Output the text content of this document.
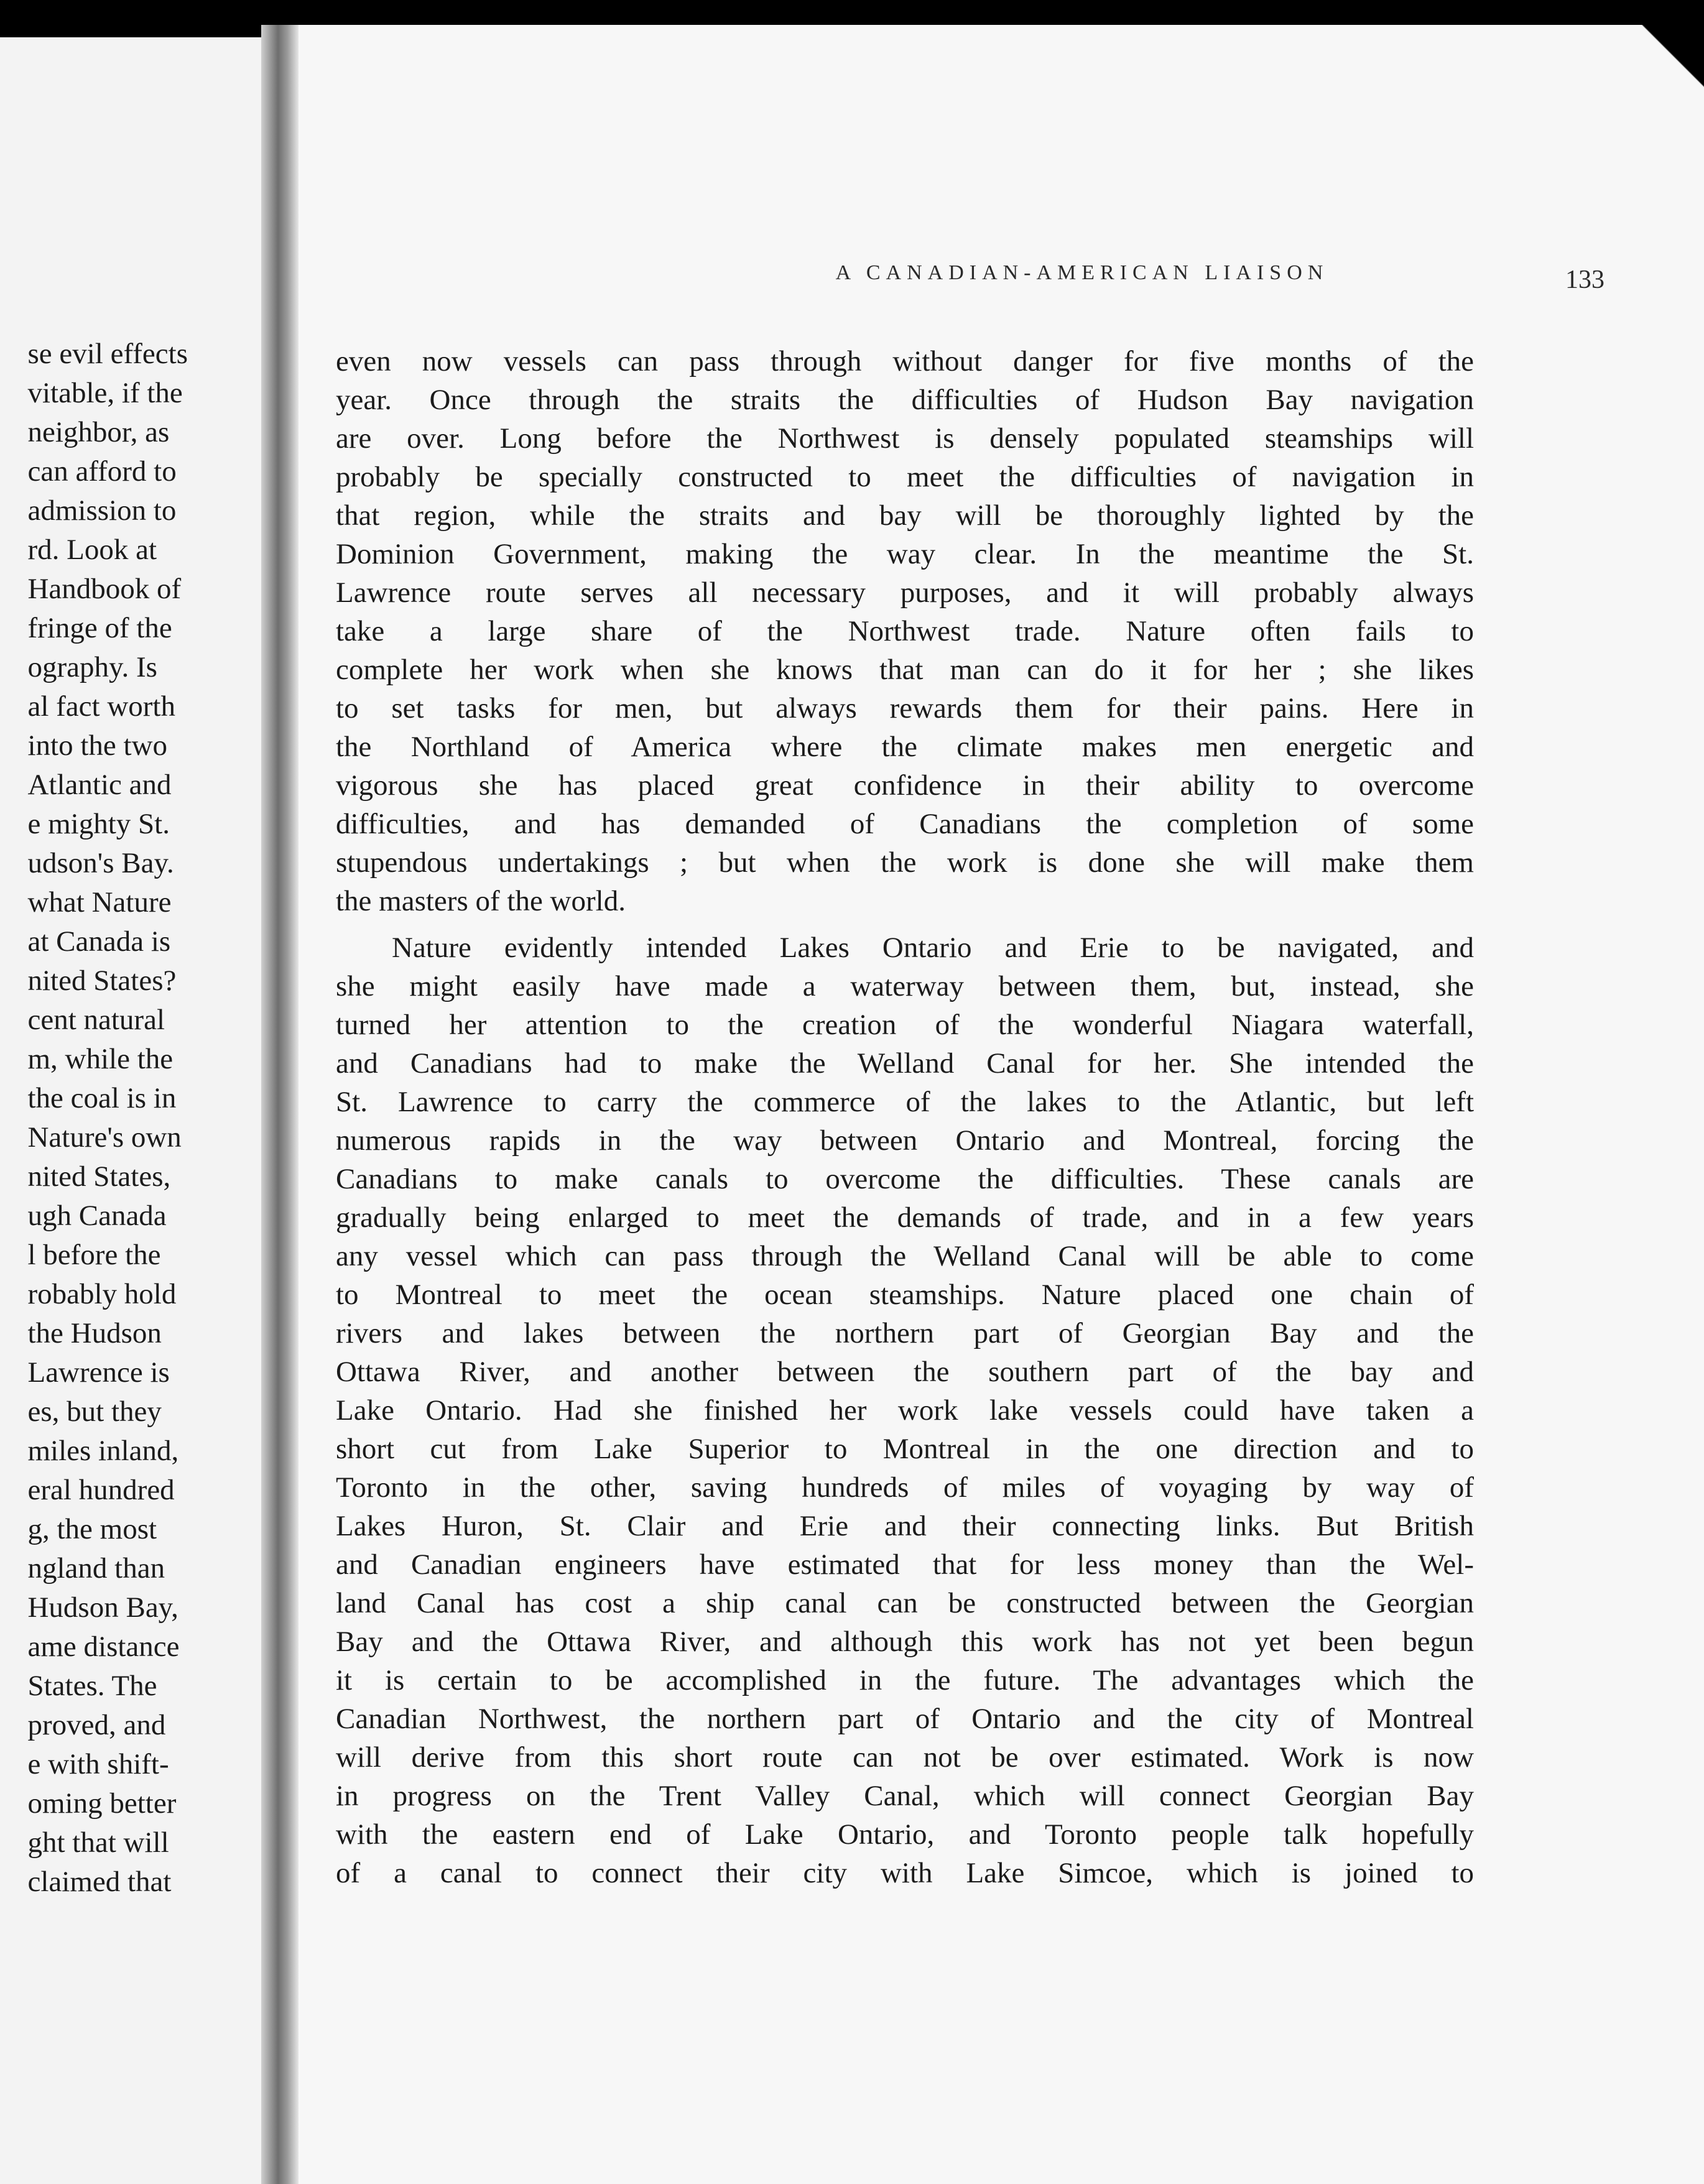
se evil effects
vitable, if the
neighbor, as
can afford to
admission to
rd. Look at
Handbook of
fringe of the
ography. Is
al fact worth
into the two
Atlantic and
e mighty St.
udson's Bay.
what Nature
at Canada is
nited States?
cent natural
m, while the
the coal is in
Nature's own
nited States,
ugh Canada
l before the
robably hold
the Hudson
Lawrence is
es, but they
miles inland,
eral hundred
g, the most
ngland than
Hudson Bay,
ame distance
States. The
proved, and
e with shift-
oming better
ght that will
claimed that
A CANADIAN-AMERICAN LIAISON	133
even now vessels can pass through without danger for five months of the
year. Once through the straits the difficulties of Hudson Bay navigation
are over. Long before the Northwest is densely populated steamships will
probably be specially constructed to meet the difficulties of navigation in
that region, while the straits and bay will be thoroughly lighted by the
Dominion Government, making the way clear. In the meantime the St.
Lawrence route serves all necessary purposes, and it will probably always
take a large share of the Northwest trade. Nature often fails to
complete her work when she knows that man can do it for her ; she likes
to set tasks for men, but always rewards them for their pains. Here in
the Northland of America where the climate makes men energetic and
vigorous she has placed great confidence in their ability to overcome
difficulties, and has demanded of Canadians the completion of some
stupendous undertakings ; but when the work is done she will make them
the masters of the world.
Nature evidently intended Lakes Ontario and Erie to be navigated, and
she might easily have made a waterway between them, but, instead, she
turned her attention to the creation of the wonderful Niagara waterfall,
and Canadians had to make the Welland Canal for her. She intended the
St. Lawrence to carry the commerce of the lakes to the Atlantic, but left
numerous rapids in the way between Ontario and Montreal, forcing the
Canadians to make canals to overcome the difficulties. These canals are
gradually being enlarged to meet the demands of trade, and in a few years
any vessel which can pass through the Welland Canal will be able to come
to Montreal to meet the ocean steamships. Nature placed one chain of
rivers and lakes between the northern part of Georgian Bay and the
Ottawa River, and another between the southern part of the bay and
Lake Ontario. Had she finished her work lake vessels could have taken a
short cut from Lake Superior to Montreal in the one direction and to
Toronto in the other, saving hundreds of miles of voyaging by way of
Lakes Huron, St. Clair and Erie and their connecting links. But British
and Canadian engineers have estimated that for less money than the Wel-
land Canal has cost a ship canal can be constructed between the Georgian
Bay and the Ottawa River, and although this work has not yet been begun
it is certain to be accomplished in the future. The advantages which the
Canadian Northwest, the northern part of Ontario and the city of Montreal
will derive from this short route can not be over estimated. Work is now
in progress on the Trent Valley Canal, which will connect Georgian Bay
with the eastern end of Lake Ontario, and Toronto people talk hopefully
of a canal to connect their city with Lake Simcoe, which is joined to
